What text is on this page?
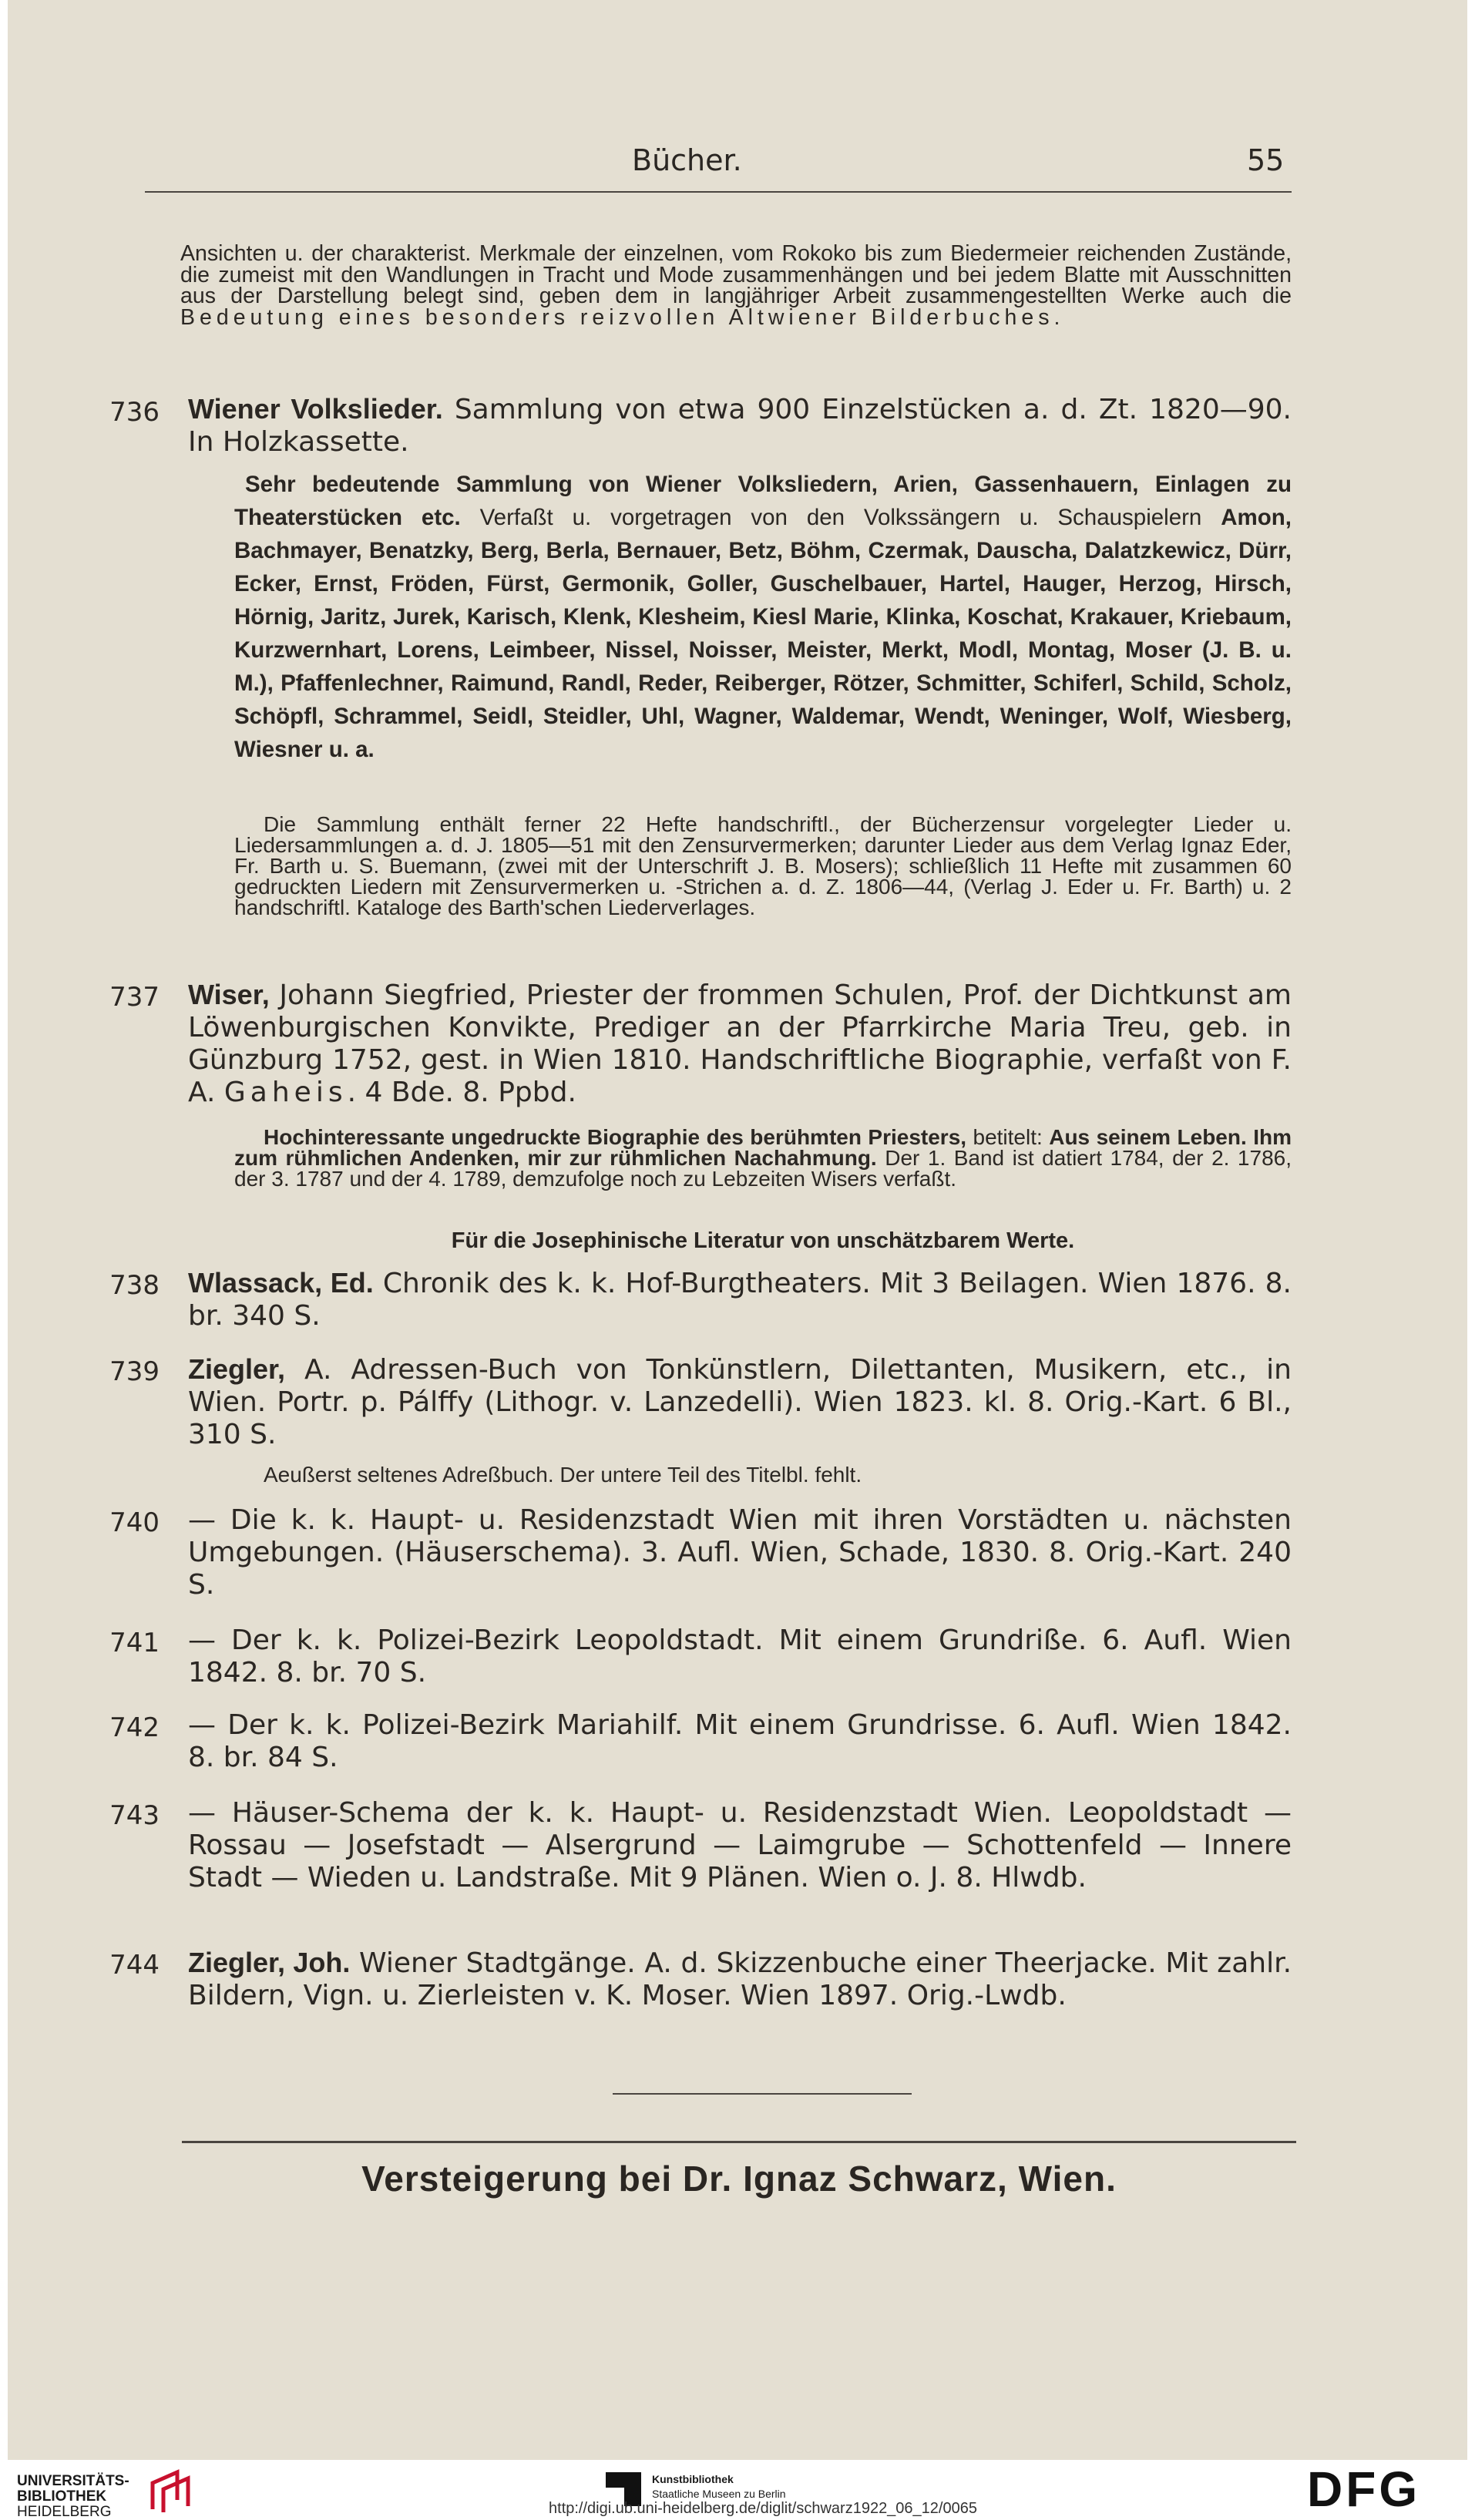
Bücher.	55

Ansichten u. der charakterist. Merkmale der einzelnen, vom Rokoko bis zum Biedermeier reichenden Zustände, die zumeist mit den Wandlungen in Tracht und Mode zusammenhängen und bei jedem Blatte mit Ausschnitten aus der Darstellung belegt sind, geben dem in langjähriger Arbeit zusammengestellten Werke auch die Bedeutung eines besonders reizvollen Altwiener Bilderbuches.

736 Wiener Volkslieder. Sammlung von etwa 900 Einzelstücken a. d. Zt. 1820—90. In Holzkassette.

Sehr bedeutende Sammlung von Wiener Volksliedern, Arien, Gassenhauern, Einlagen zu Theaterstücken etc. Verfaßt u. vorgetragen von den Volkssängern u. Schauspielern Amon, Bachmayer, Benatzky, Berg, Berla, Bernauer, Betz, Böhm, Czermak, Dauscha, Dalatzkewicz, Dürr, Ecker, Ernst, Fröden, Fürst, Germonik, Goller, Guschelbauer, Hartel, Hauger, Herzog, Hirsch, Hörnig, Jaritz, Jurek, Karisch, Klenk, Klesheim, Kiesl Marie, Klinka, Koschat, Krakauer, Kriebaum, Kurzwernhart, Lorens, Leimbeer, Nissel, Noisser, Meister, Merkt, Modl, Montag, Moser (J. B. u. M.), Pfaffenlechner, Raimund, Randl, Reder, Reiberger, Rötzer, Schmitter, Schiferl, Schild, Scholz, Schöpfl, Schrammel, Seidl, Steidler, Uhl, Wagner, Waldemar, Wendt, Weninger, Wolf, Wiesberg, Wiesner u. a.

Die Sammlung enthält ferner 22 Hefte handschriftl., der Bücherzensur vorgelegter Lieder u. Liedersammlungen a. d. J. 1805—51 mit den Zensurvermerken; darunter Lieder aus dem Verlag Ignaz Eder, Fr. Barth u. S. Buemann, (zwei mit der Unterschrift J. B. Mosers); schließlich 11 Hefte mit zusammen 60 gedruckten Liedern mit Zensurvermerken u. -Strichen a. d. Z. 1806—44, (Verlag J. Eder u. Fr. Barth) u. 2 handschriftl. Kataloge des Barth'schen Liederverlages.

737 Wiser, Johann Siegfried, Priester der frommen Schulen, Prof. der Dichtkunst am Löwenburgischen Konvikte, Prediger an der Pfarrkirche Maria Treu, geb. in Günzburg 1752, gest. in Wien 1810. Handschriftliche Biographie, verfaßt von F. A. Gaheis. 4 Bde. 8. Ppbd.

Hochinteressante ungedruckte Biographie des berühmten Priesters, betitelt: Aus seinem Leben. Ihm zum rühmlichen Andenken, mir zur rühmlichen Nachahmung. Der 1. Band ist datiert 1784, der 2. 1786, der 3. 1787 und der 4. 1789, demzufolge noch zu Lebzeiten Wisers verfaßt.

Für die Josephinische Literatur von unschätzbarem Werte.
738 Wlassack, Ed. Chronik des k. k. Hof-Burgtheaters. Mit 3 Beilagen. Wien 1876. 8. br. 340 S.

739 Ziegler, A. Adressen-Buch von Tonkünstlern, Dilettanten, Musikern, etc., in Wien. Portr. p. Pálffy (Lithogr. v. Lanzedelli). Wien 1823. kl. 8. Orig.-Kart. 6 Bl., 310 S.

Aeußerst seltenes Adreßbuch. Der untere Teil des Titelbl. fehlt.
740 — Die k. k. Haupt- u. Residenzstadt Wien mit ihren Vorstädten u. nächsten Umgebungen. (Häuserschema). 3. Aufl. Wien, Schade, 1830. 8. Orig.-Kart. 240 S.

741 — Der k. k. Polizei-Bezirk Leopoldstadt. Mit einem Grundriße. 6. Aufl. Wien 1842. 8. br. 70 S.

742 — Der k. k. Polizei-Bezirk Mariahilf. Mit einem Grundrisse. 6. Aufl. Wien 1842. 8. br. 84 S.

743 — Häuser-Schema der k. k. Haupt- u. Residenzstadt Wien. Leopoldstadt — Rossau — Josefstadt — Alsergrund — Laimgrube — Schottenfeld — Innere Stadt — Wieden u. Landstraße. Mit 9 Plänen. Wien o. J. 8. Hlwdb.

744 Ziegler, Joh. Wiener Stadtgänge. A. d. Skizzenbuche einer Theerjacke. Mit zahlr. Bildern, Vign. u. Zierleisten v. K. Moser. Wien 1897. Orig.-Lwdb.

Versteigerung bei Dr. Ignaz Schwarz, Wien.
UNIVERSITÄTS-
BIBLIOTHEK
HEIDELBERG
Kunstbibliothek
Staatliche Museen zu Berlin	DFG
http://digi.ub.uni-heidelberg.de/diglit/schwarz1922_06_12/0065
